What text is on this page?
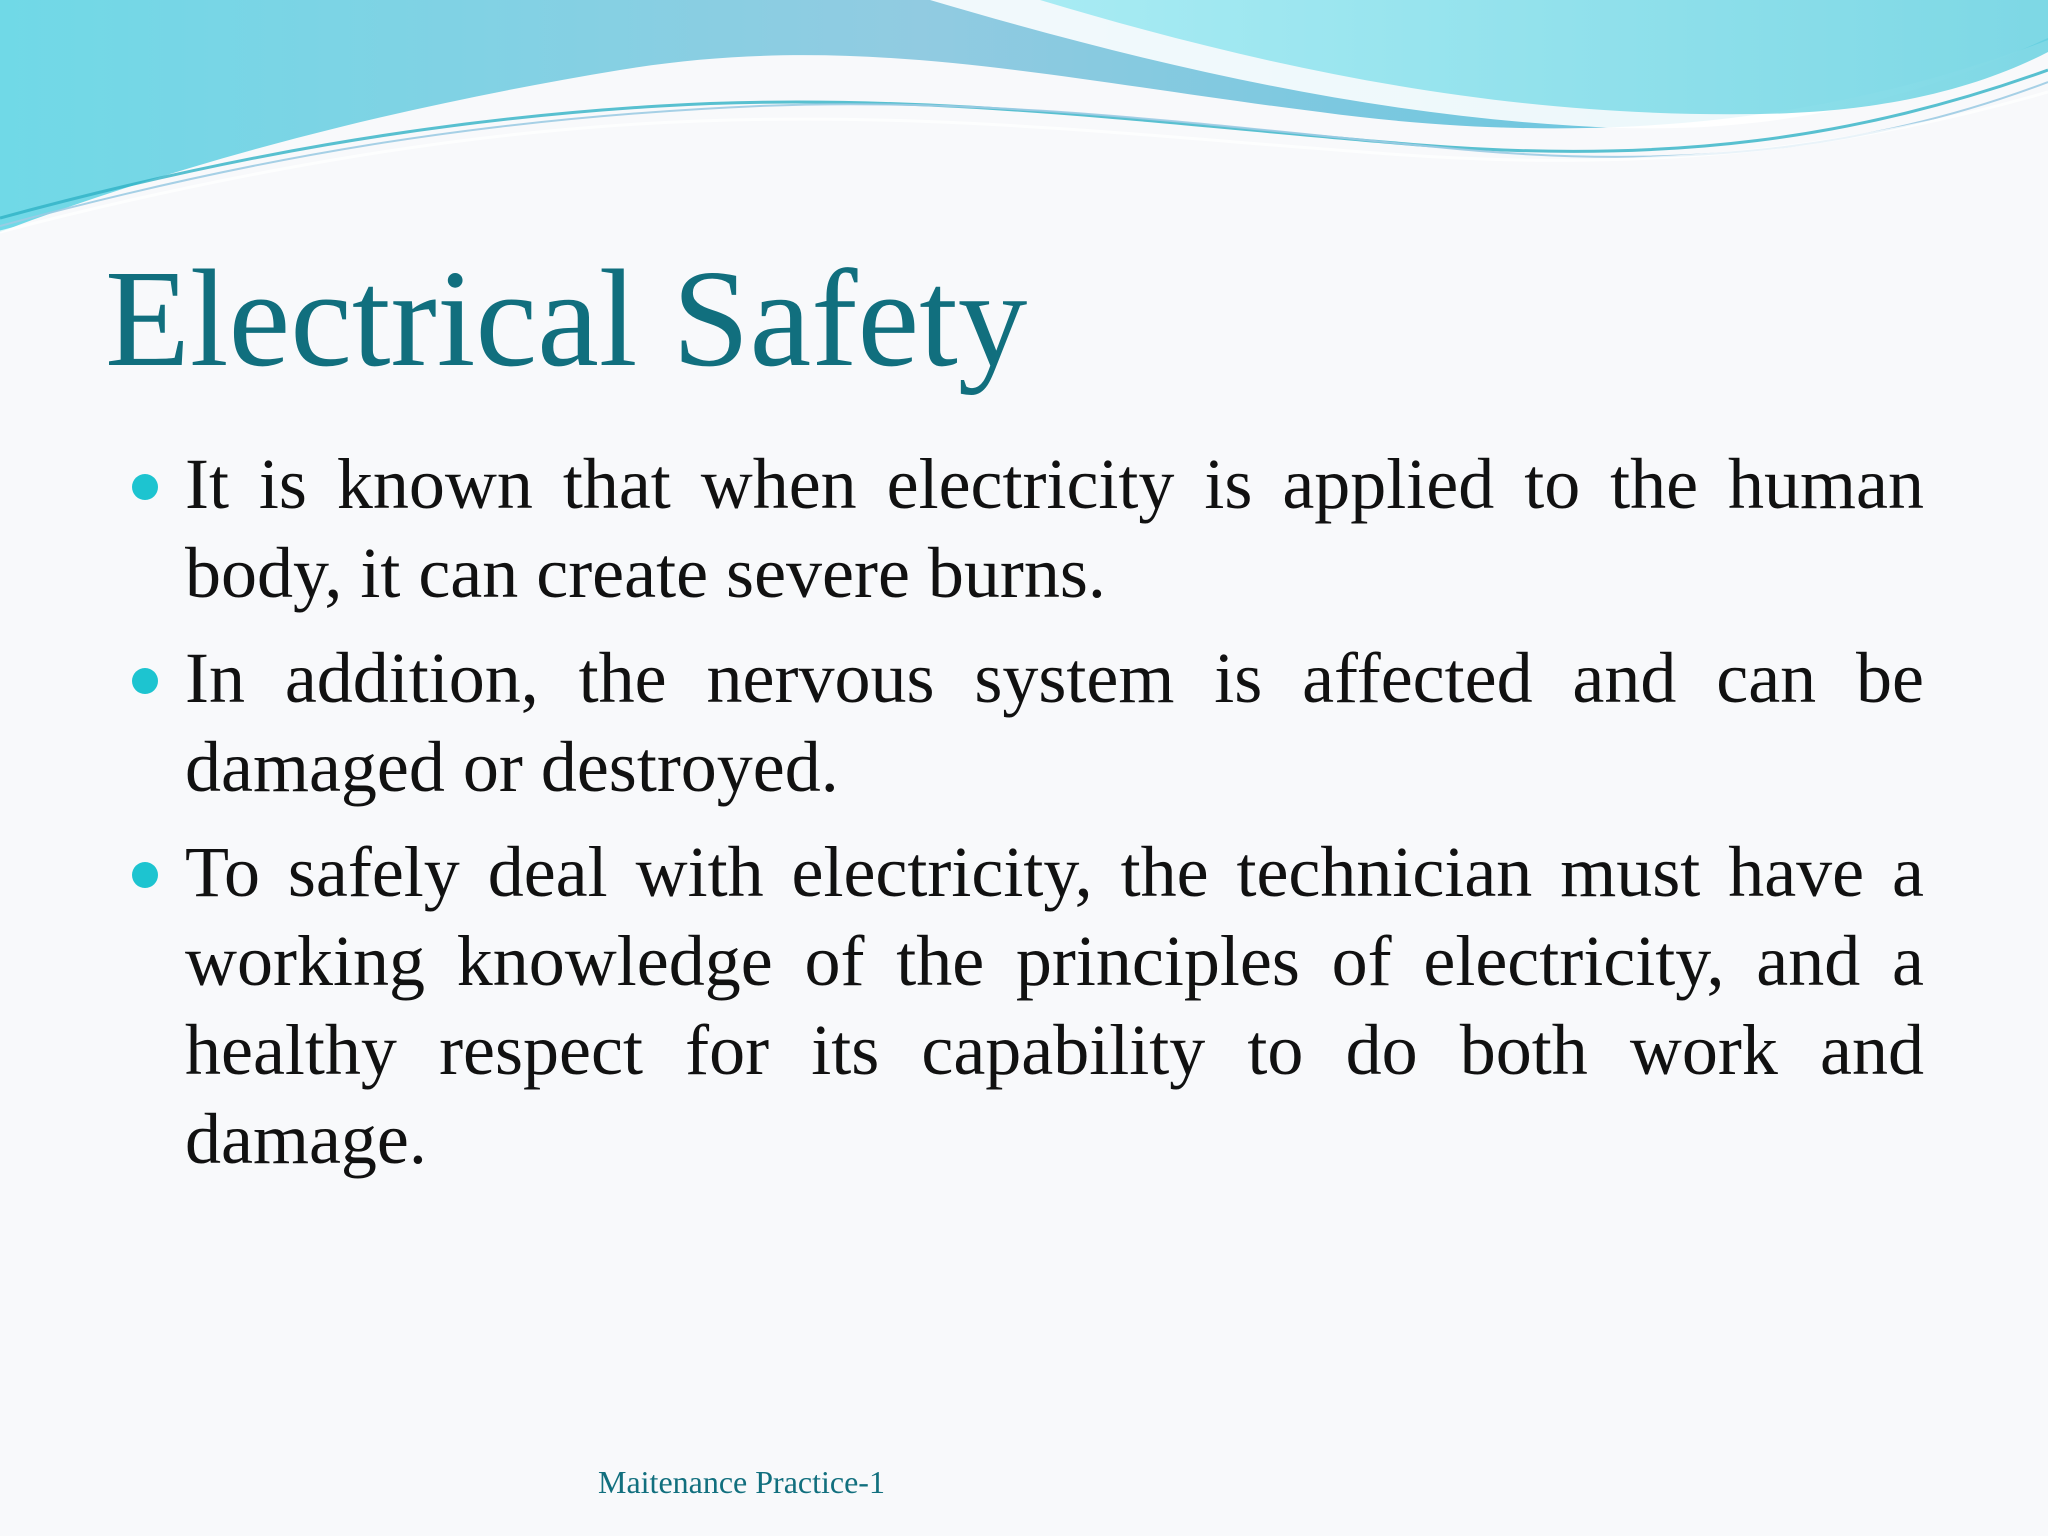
Electrical Safety
It is known that when electricity is applied to the human body, it can create severe burns.
In addition, the nervous system is affected and can be damaged or destroyed.
To safely deal with electricity, the technician must have a working knowledge of the principles of electricity, and a healthy respect for its capability to do both work and damage.
Maitenance Practice-1
